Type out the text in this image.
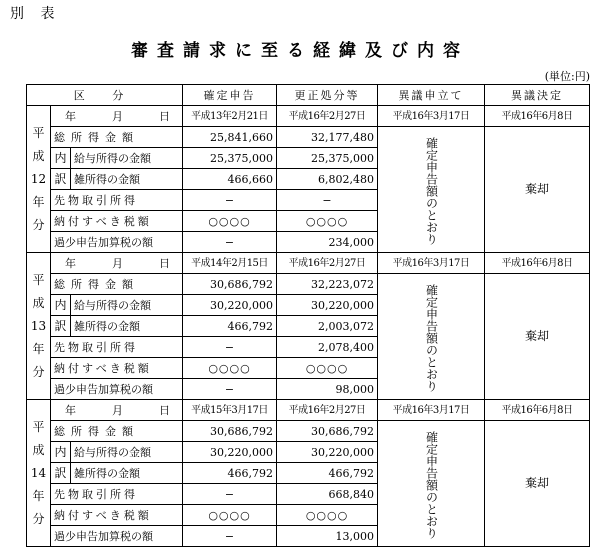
別 表
審査請求に至る経緯及び内容
(単位:円)
区 分			確定申告	更正処分等	異議申立て	異議決定

平
成
12
年
分	年月日		平成13年2月21日	平成16年2月27日	平成16年3月17日	平成16年6月8日
	総所得金額		25,841,660	32,177,480	確定申告額のとおり	棄却

	内	給与所得の金額	25,375,000	25,375,000		
	訳	雑所得の金額	466,660	6,802,480		
	先物取引所得		−	−		
	納付すべき税額		○○○○	○○○○		
	過少申告加算税の額		−	234,000		

平
成
13
年
分	年月日		平成14年2月15日	平成16年2月27日	平成16年3月17日	平成16年6月8日
	総所得金額		30,686,792	32,223,072	確定申告額のとおり	棄却

	内	給与所得の金額	30,220,000	30,220,000		
	訳	雑所得の金額	466,792	2,003,072		
	先物取引所得		−	2,078,400		
	納付すべき税額		○○○○	○○○○		
	過少申告加算税の額		−	98,000		

平
成
14
年
分	年月日		平成15年3月17日	平成16年2月27日	平成16年3月17日	平成16年6月8日
	総所得金額		30,686,792	30,686,792	確定申告額のとおり	棄却

	内	給与所得の金額	30,220,000	30,220,000		
	訳	雑所得の金額	466,792	466,792		
	先物取引所得		−	668,840		
	納付すべき税額		○○○○	○○○○		
	過少申告加算税の額		−	13,000		
